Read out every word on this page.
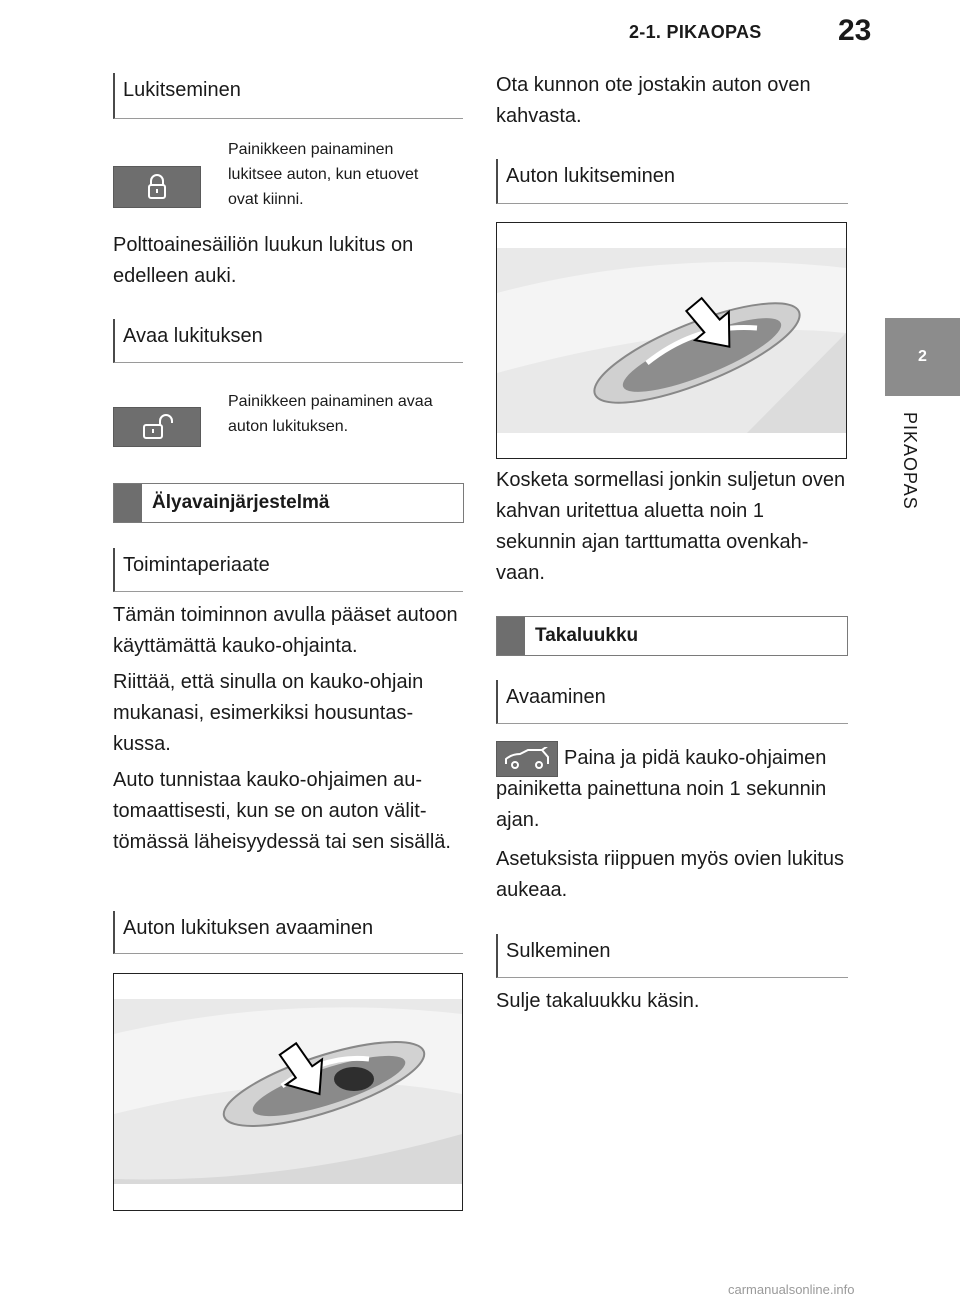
2-1. PIKAOPAS	23
2
PIKAOPAS
Lukitseminen
Painikkeen painaminen lukitsee auton, kun etuovet ovat kiinni.
Polttoainesäiliön luukun lukitus on edelleen auki.
Avaa lukituksen
Painikkeen painaminen avaa auton lukituksen.
Älyavainjärjestelmä
Toimintaperiaate
Tämän toiminnon avulla pääset autoon käyttämättä kauko-ohjainta.
Riittää, että sinulla on kauko-ohjain mukanasi, esimerkiksi housuntaskussa.
Auto tunnistaa kauko-ohjaimen automaattisesti, kun se on auton välittömässä läheisyydessä tai sen sisällä.
Auton lukituksen avaaminen
Ota kunnon ote jostakin auton oven kahvasta.
Auton lukitseminen
Kosketa sormellasi jonkin suljetun oven kahvan uritettua aluetta noin 1 sekunnin ajan tarttumatta ovenkahvaan.
Takaluukku
Avaaminen
Paina ja pidä kauko-ohjaimen painiketta painettuna noin 1 sekunnin ajan.
Asetuksista riippuen myös ovien lukitus aukeaa.
Sulkeminen
Sulje takaluukku käsin.
carmanualsonline.info
